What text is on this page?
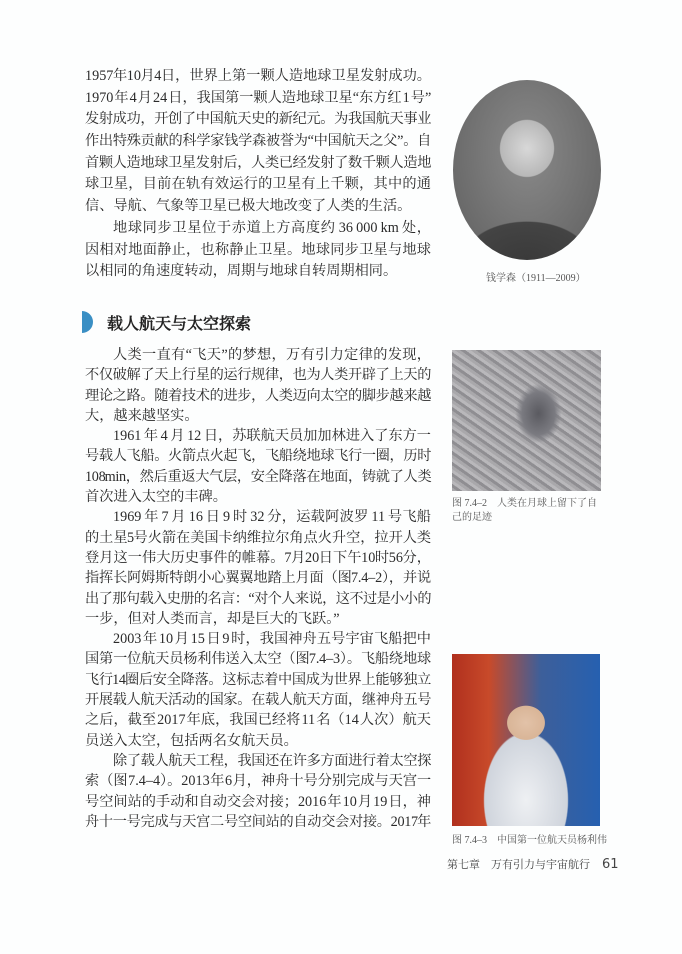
1957 年 10 月 4 日，世界上第一颗人造地球卫星发射成功。
1970 年 4 月 24 日，我国第一颗人造地球卫星“东方红 1 号”
发射成功，开创了中国航天史的新纪元。为我国航天事业
作出特殊贡献的科学家钱学森被誉为“中国航天之父”。自
首颗人造地球卫星发射后，人类已经发射了数千颗人造地
球卫星，目前在轨有效运行的卫星有上千颗，其中的通
信、导航、气象等卫星已极大地改变了人类的生活。
地球同步卫星位于赤道上方高度约 36 000 km 处，
因相对地面静止，也称静止卫星。地球同步卫星与地球
以相同的角速度转动，周期与地球自转周期相同。	钱学森（1911—2009）
载人航天与太空探索
人类一直有“飞天”的梦想，万有引力定律的发现，
不仅破解了天上行星的运行规律，也为人类开辟了上天的
理论之路。随着技术的进步，人类迈向太空的脚步越来越
大，越来越坚实。
1961 年 4 月 12 日，苏联航天员加加林进入了东方一
号载人飞船。火箭点火起飞，飞船绕地球飞行一圈，历时
108 min，然后重返大气层，安全降落在地面，铸就了人类
首次进入太空的丰碑。
1969 年 7 月 16 日 9 时 32 分，运载阿波罗 11 号飞船
的土星 5 号火箭在美国卡纳维拉尔角点火升空，拉开人类
登月这一伟大历史事件的帷幕。7 月 20 日下午 10 时 56 分，
指挥长阿姆斯特朗小心翼翼地踏上月面（图 7.4–2），并说
出了那句载入史册的名言：“对个人来说，这不过是小小的
一步，但对人类而言，却是巨大的飞跃。”
2003 年 10 月 15 日 9 时，我国神舟五号宇宙飞船把中
国第一位航天员杨利伟送入太空（图 7.4–3）。飞船绕地球
飞行 14 圈后安全降落。这标志着中国成为世界上能够独立
开展载人航天活动的国家。在载人航天方面，继神舟五号
之后，截至 2017 年底，我国已经将 11 名（14 人次）航天
员送入太空，包括两名女航天员。
除了载人航天工程，我国还在许多方面进行着太空探
索（图 7.4–4）。2013 年 6 月，神舟十号分别完成与天宫一
号空间站的手动和自动交会对接；2016 年 10 月 19 日，神
舟十一号完成与天宫二号空间站的自动交会对接。2017 年
图 7.4–2　人类在月球上留下了自己的足迹
图 7.4–3　中国第一位航天员杨利伟
第七章　万有引力与宇宙航行 61
